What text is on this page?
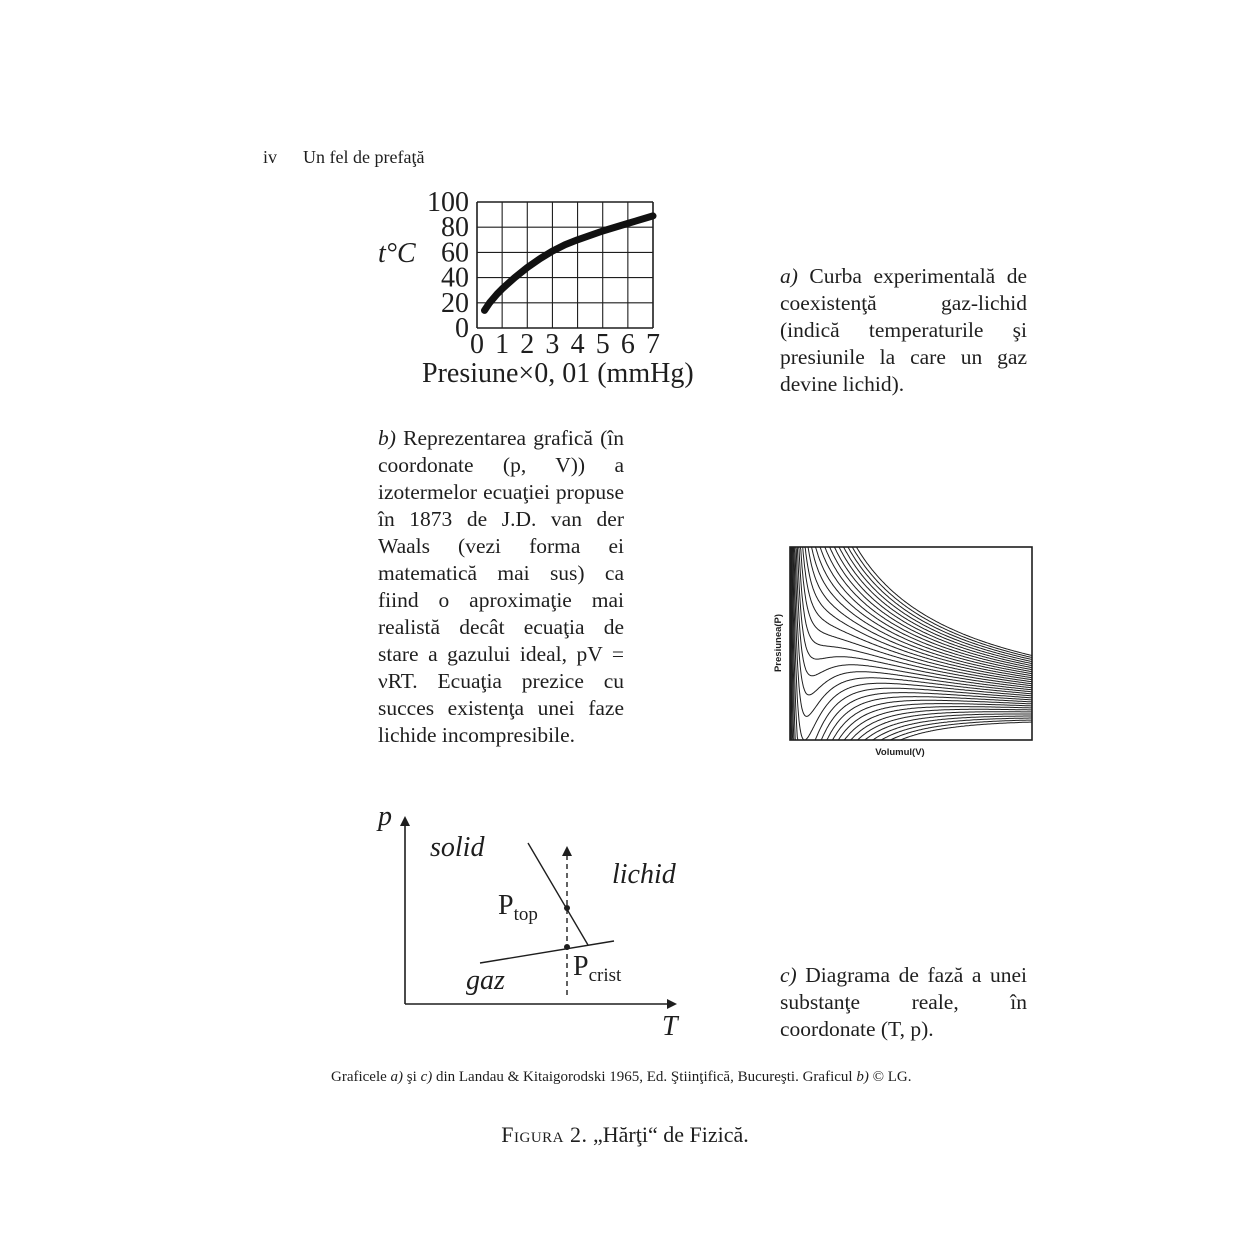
iv Un fel de prefaţă
0
20
40
60
80
100
0 1 2 3 4 5 6 7
t°C
Presiune×0, 01 (mmHg)
a) Curba experimentală de coexistenţă gaz-lichid (indică temperaturile şi presiunile la care un gaz devine lichid).
b) Reprezentarea grafică (în coordonate (p, V)) a izotermelor ecuaţiei propuse în 1873 de J.D. van der Waals (vezi forma ei matematică mai sus) ca fiind o aproximaţie mai realistă decât ecuaţia de stare a gazului ideal, pV = νRT. Ecuaţia prezice cu succes existenţa unei faze lichide incompresibile.
Presiunea(P)
Volumul(V)
p
T
solid
lichid
gaz
$P_{top}$
$P_{crist}$	c) Diagrama de fază a unei substanţe reale, în coordonate (T, p).
Graficele a) şi c) din Landau & Kitaigorodski 1965, Ed. Ştiinţifică, Bucureşti. Graficul b) © LG.
Figura 2. „Hărţi“ de Fizică.
